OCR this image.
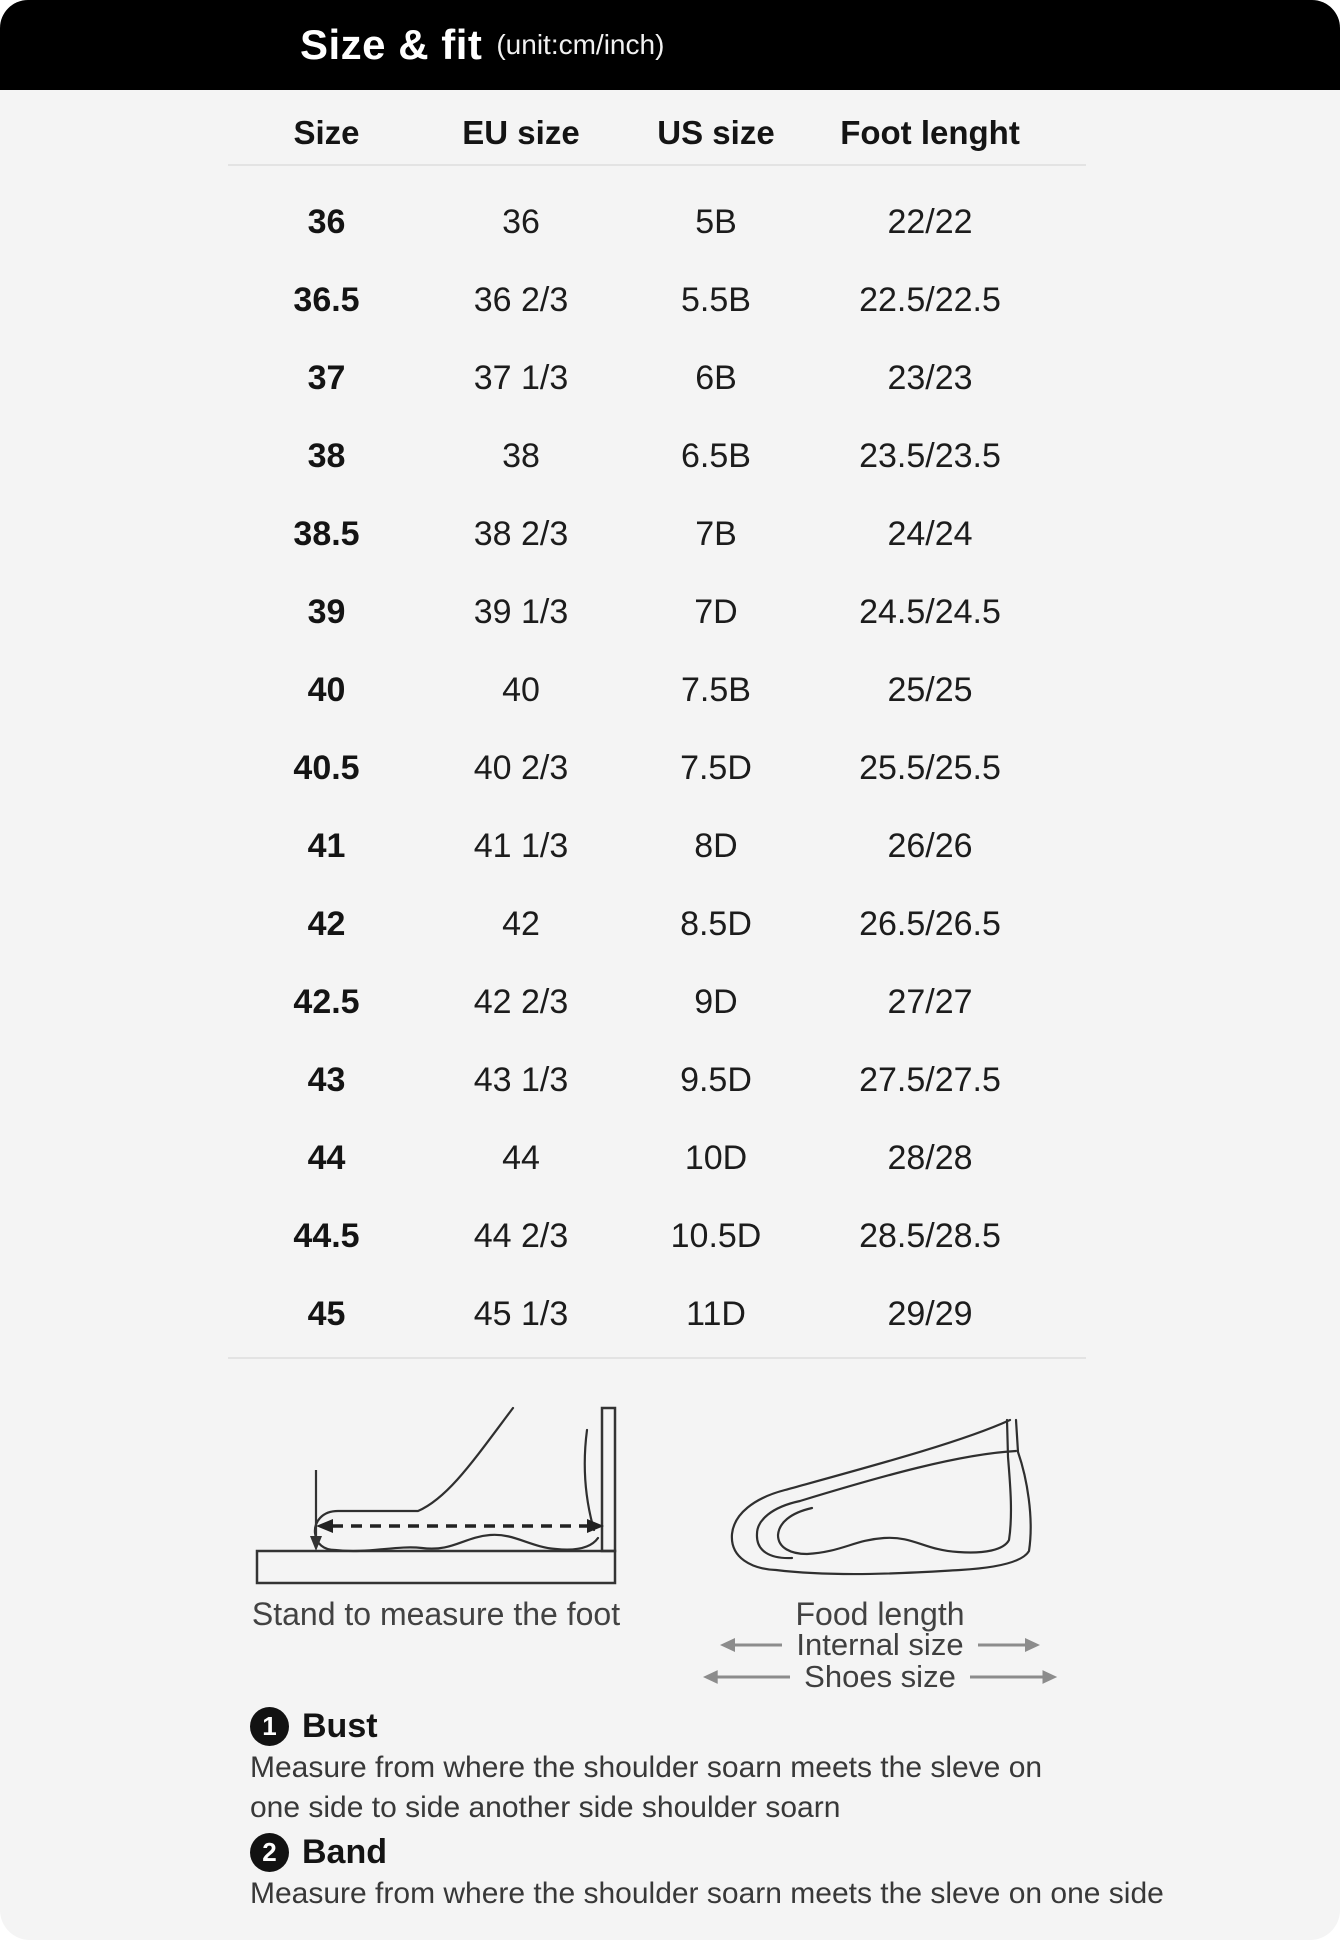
Size & fit (unit:cm/inch)
Size	EU size	US size	Foot lenght
36	36	5B	22/22
36.5	36 2/3	5.5B	22.5/22.5
37	37 1/3	6B	23/23
38	38	6.5B	23.5/23.5
38.5	38 2/3	7B	24/24
39	39 1/3	7D	24.5/24.5
40	40	7.5B	25/25
40.5	40 2/3	7.5D	25.5/25.5
41	41 1/3	8D	26/26
42	42	8.5D	26.5/26.5
42.5	42 2/3	9D	27/27
43	43 1/3	9.5D	27.5/27.5
44	44	10D	28/28
44.5	44 2/3	10.5D	28.5/28.5
45	45 1/3	11D	29/29
Stand to measure the foot	Food length
Internal size
Shoes size
1 Bust

Measure from where the shoulder soarn meets the sleve on one side to side another side shoulder soarn

2 Band

Measure from where the shoulder soarn meets the sleve on one side
